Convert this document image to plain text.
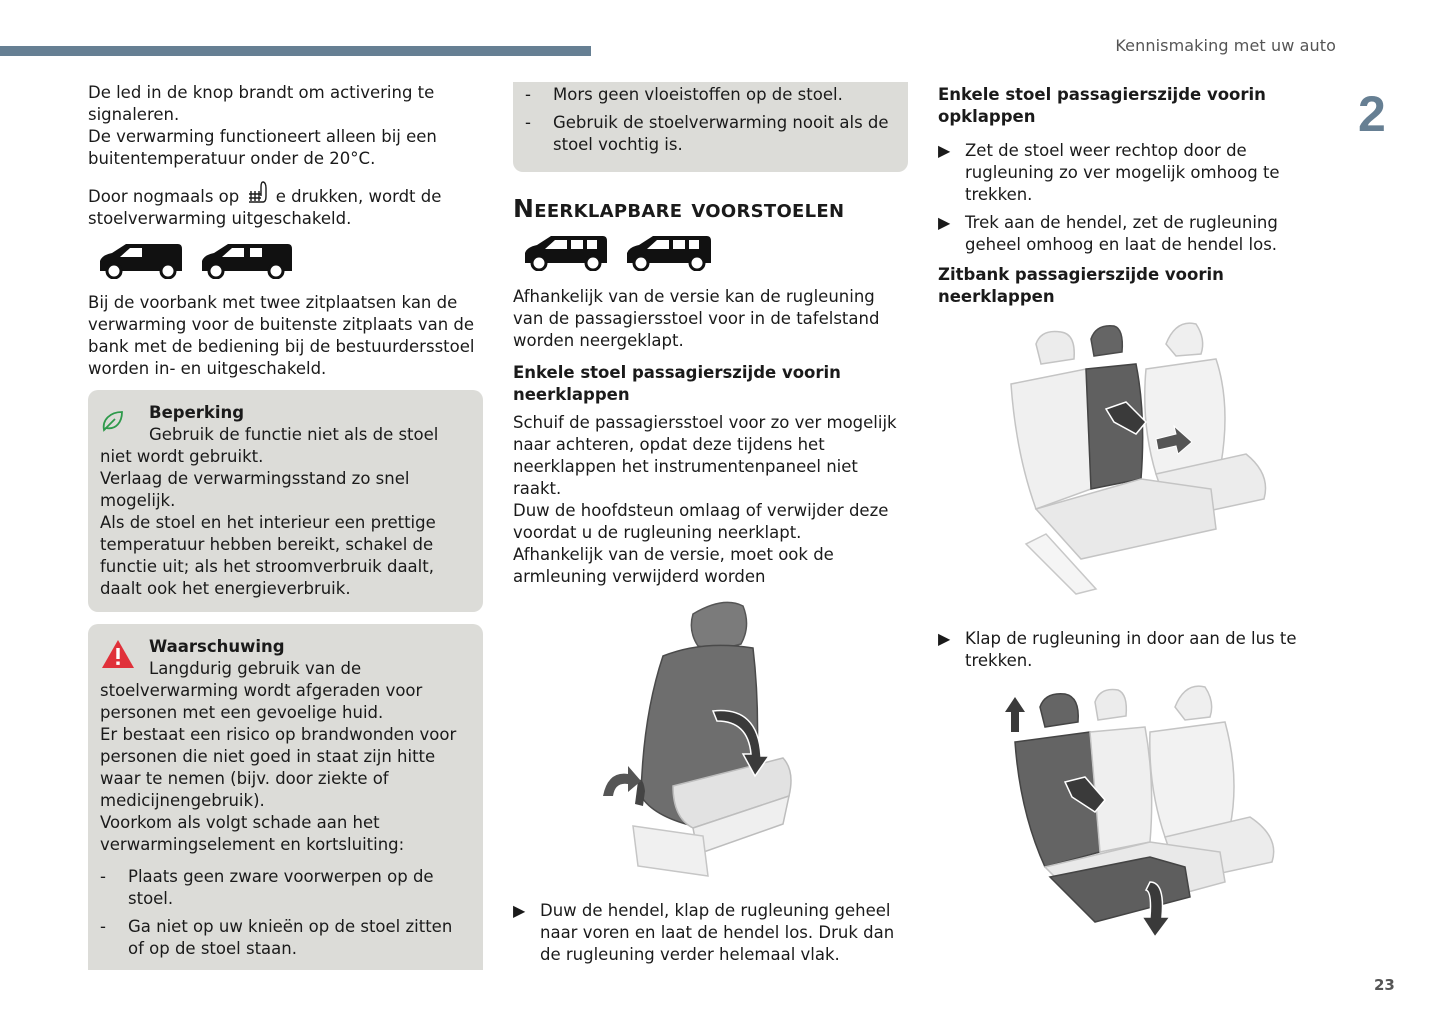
Kennismaking met uw auto
2

De led in de knop brandt om activering te signaleren.

De verwarming functioneert alleen bij een buitentemperatuur onder de 20°C.

Door nogmaals op e drukken, wordt de stoelverwarming uitgeschakeld.

Bij de voorbank met twee zitplaatsen kan de verwarming voor de buitenste zitplaats van de bank met de bediening bij de bestuurdersstoel worden in- en uitgeschakeld.

Beperking

Gebruik de functie niet als de stoel niet wordt gebruikt.

Verlaag de verwarmingsstand zo snel mogelijk.

Als de stoel en het interieur een prettige temperatuur hebben bereikt, schakel de functie uit; als het stroomverbruik daalt, daalt ook het energieverbruik.

Waarschuwing

Langdurig gebruik van de stoelverwarming wordt afgeraden voor personen met een gevoelige huid.

Er bestaat een risico op brandwonden voor personen die niet goed in staat zijn hitte waar te nemen (bijv. door ziekte of medicijnengebruik).

Voorkom als volgt schade aan het verwarmingselement en kortsluiting:

- Plaats geen zware voorwerpen op de stoel.
- Ga niet op uw knieën op de stoel zitten of op de stoel staan.
- Mors geen vloeistoffen op de stoel.
- Gebruik de stoelverwarming nooit als de stoel vochtig is.
Neerklapbare voorstoelen

Afhankelijk van de versie kan de rugleuning van de passagiersstoel voor in de tafelstand worden neergeklapt.

Enkele stoel passagierszijde voorin neerklappen

Schuif de passagiersstoel voor zo ver mogelijk naar achteren, opdat deze tijdens het neerklappen het instrumentenpaneel niet raakt.

Duw de hoofdsteun omlaag of verwijder deze voordat u de rugleuning neerklapt.

Afhankelijk van de versie, moet ook de armleuning verwijderd worden

▶ Duw de hendel, klap de rugleuning geheel naar voren en laat de hendel los. Druk dan de rugleuning verder helemaal vlak.

Enkele stoel passagierszijde voorin opklappen

▶ Zet de stoel weer rechtop door de rugleuning zo ver mogelijk omhoog te trekken.
▶ Trek aan de hendel, zet de rugleuning geheel omhoog en laat de hendel los.

Zitbank passagierszijde voorin neerklappen

▶ Klap de rugleuning in door aan de lus te trekken.
23
